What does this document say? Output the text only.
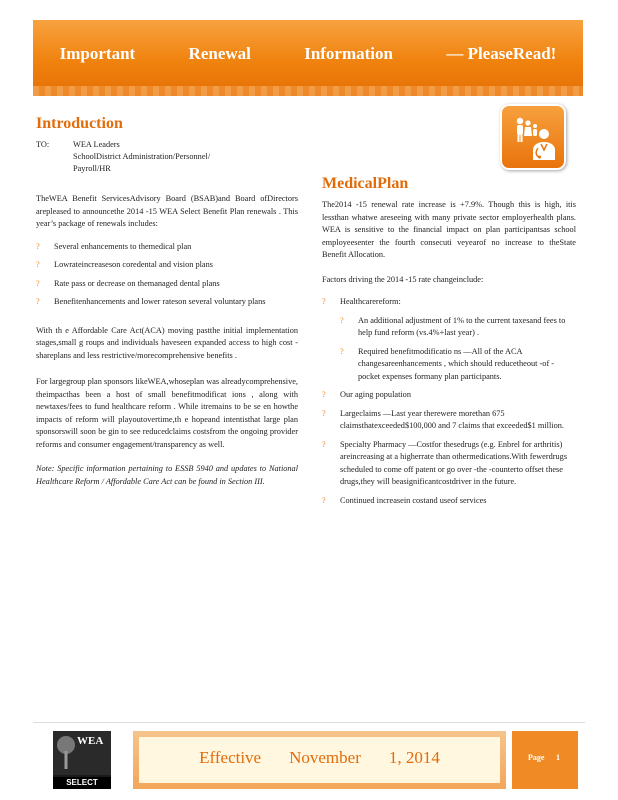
Important	Renewal	Information	— PleaseRead!
Introduction
TO:	WEA Leaders
SchoolDistrict Administration/Personnel/
Payroll/HR

TheWEA Benefit ServicesAdvisory Board (BSAB)and Board ofDirectors arepleased to announcethe 2014 -15 WEA Select Benefit Plan renewals . This year’s package of renewals includes:

?	Several enhancements to themedical plan
?	Lowrateincreaseson coredental and vision plans
?	Rate pass or decrease on themanaged dental plans
?	Benefitenhancements and lower rateson several voluntary plans

With th e Affordable Care Act(ACA) moving pastthe initial implementation stages,small g roups and individuals haveseen expanded access to high cost - shareplans and less restrictive/morecomprehensive benefits .

For largegroup plan sponsors likeWEA,whoseplan was alreadycomprehensive, theimpacthas been a host of small benefitmodificat ions , along with newtaxes/fees to fund healthcare reform . While itremains to be se en howthe impacts of reform will playoutovertime,th e hopeand intentisthat large plan sponsorswill soon be gin to see reducedclaims costsfrom the ongoing provider reforms and consumer engagement/transparency as well.

Note: Specific information pertaining to ESSB 5940 and updates to National Healthcare Reform / Affordable Care Act can be found in Section III.

MedicalPlan

The2014 -15 renewal rate increase is +7.9%. Though this is high, itis lessthan whatwe areseeing with many private sector employerhealth plans. WEA is sensitive to the financial impact on plan participantsas school employeesenter the fourth consecuti veyearof no increase to theState Benefit Allocation.

Factors driving the 2014 -15 rate changeinclude:

?	Healthcarereform:
?	An additional adjustment of 1% to the current taxesand fees to help fund reform (vs.4%+last year) .
?	Required benefitmodificatio ns —All of the ACA changesareenhancements , which should reducetheout -of -pocket expenses formany plan participants.
?	Our aging population
?	Largeclaims —Last year therewere morethan 675 claimsthatexceeded$100,000 and 7 claims that exceeded$1 million.
?	Specialty Pharmacy —Costfor thesedrugs (e.g. Enbrel for arthritis) areincreasing at a higherrate than othermedications.With fewerdrugs scheduled to come off patent or go over -the -counterto offset these drugs,they will beasignificantcostdriver in the future.
?	Continued increasein costand useof services
WEA
SELECT
Effective November 1, 2014	Page 1
